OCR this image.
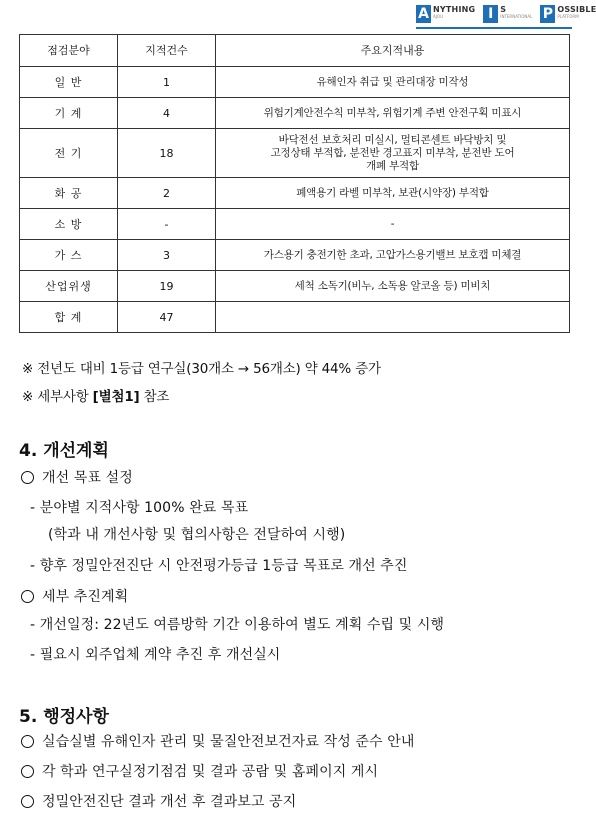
A NYTHING
AJOU	I S
INTERNATIONAL P OSSIBLE
PLATFORM
점검분야	지적건수	주요지적내용
일 반	1	유해인자 취급 및 관리대장 미작성
기 계	4	위험기계안전수칙 미부착, 위험기계 주변 안전구획 미표시
전 기	18	바닥전선 보호처리 미실시, 멀티콘센트 바닥방치 및
고정상태 부적합, 분전반 경고표지 미부착, 분전반 도어
개폐 부적합

화 공	2	폐액용기 라벨 미부착, 보관(시약장) 부적합
소 방	-	-
가 스	3	가스용기 충전기한 초과, 고압가스용기밸브 보호캡 미체결
산업위생	19	세척 소독기(비누, 소독용 알코올 등) 미비치
합 계	47	
※ 전년도 대비 1등급 연구실(30개소 → 56개소) 약 44% 증가
※ 세부사항 [별첨1] 참조
4. 개선계획
개선 목표 설정
- 분야별 지적사항 100% 완료 목표
(학과 내 개선사항 및 협의사항은 전달하여 시행)
- 향후 정밀안전진단 시 안전평가등급 1등급 목표로 개선 추진
세부 추진계획
- 개선일정: 22년도 여름방학 기간 이용하여 별도 계획 수립 및 시행
- 필요시 외주업체 계약 추진 후 개선실시
5. 행정사항
실습실별 유해인자 관리 및 물질안전보건자료 작성 준수 안내
각 학과 연구실정기점검 및 결과 공람 및 홈페이지 게시
정밀안전진단 결과 개선 후 결과보고 공지
